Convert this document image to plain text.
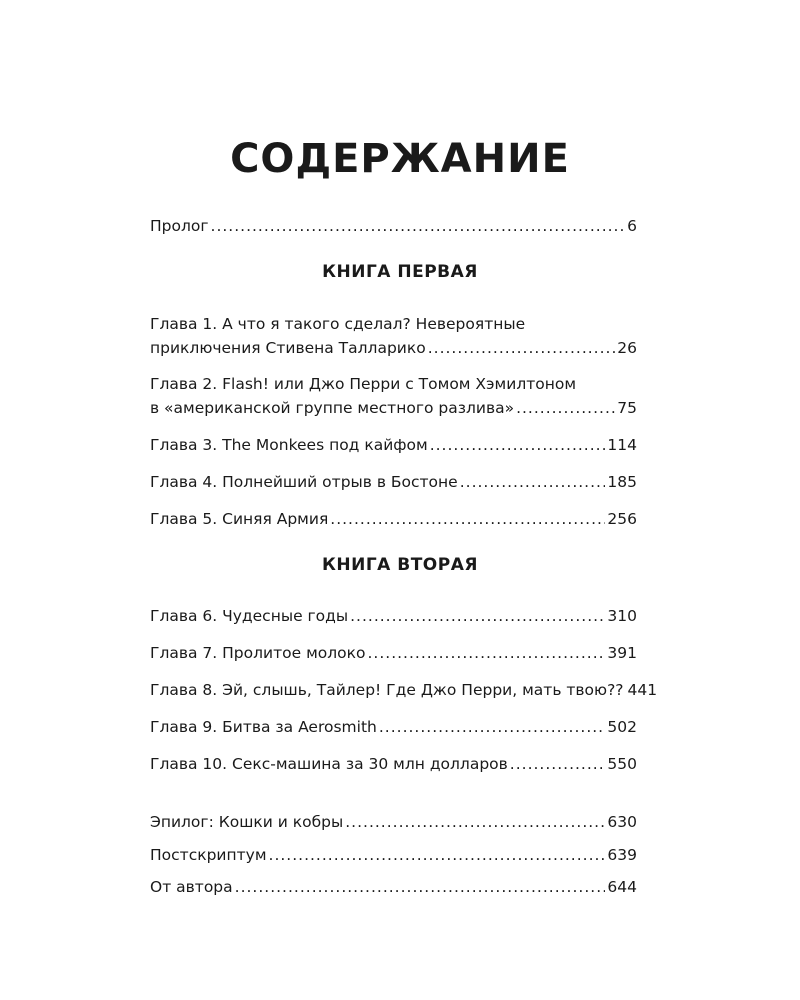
СОДЕРЖАНИЕ
Пролог .....	6
КНИГА ПЕРВАЯ
Глава 1. А что я такого сделал? Невероятные
приключения Стивена Талларико .....	26
Глава 2. Flash! или Джо Перри с Томом Хэмилтоном
в «американской группе местного разлива» .....	75
Глава 3. The Monkees под кайфом .....	114
Глава 4. Полнейший отрыв в Бостоне .....	185
Глава 5. Синяя Армия .....	256
КНИГА ВТОРАЯ
Глава 6. Чудесные годы .....	310
Глава 7. Пролитое молоко .....	391
Глава 8. Эй, слышь, Тайлер! Где Джо Перри, мать твою?? 441
Глава 9. Битва за Aerosmith .....	502
Глава 10. Секс-машина за 30 млн долларов .....	550
Эпилог: Кошки и кобры .....	630
Постскриптум .....	639
От автора .....	644
